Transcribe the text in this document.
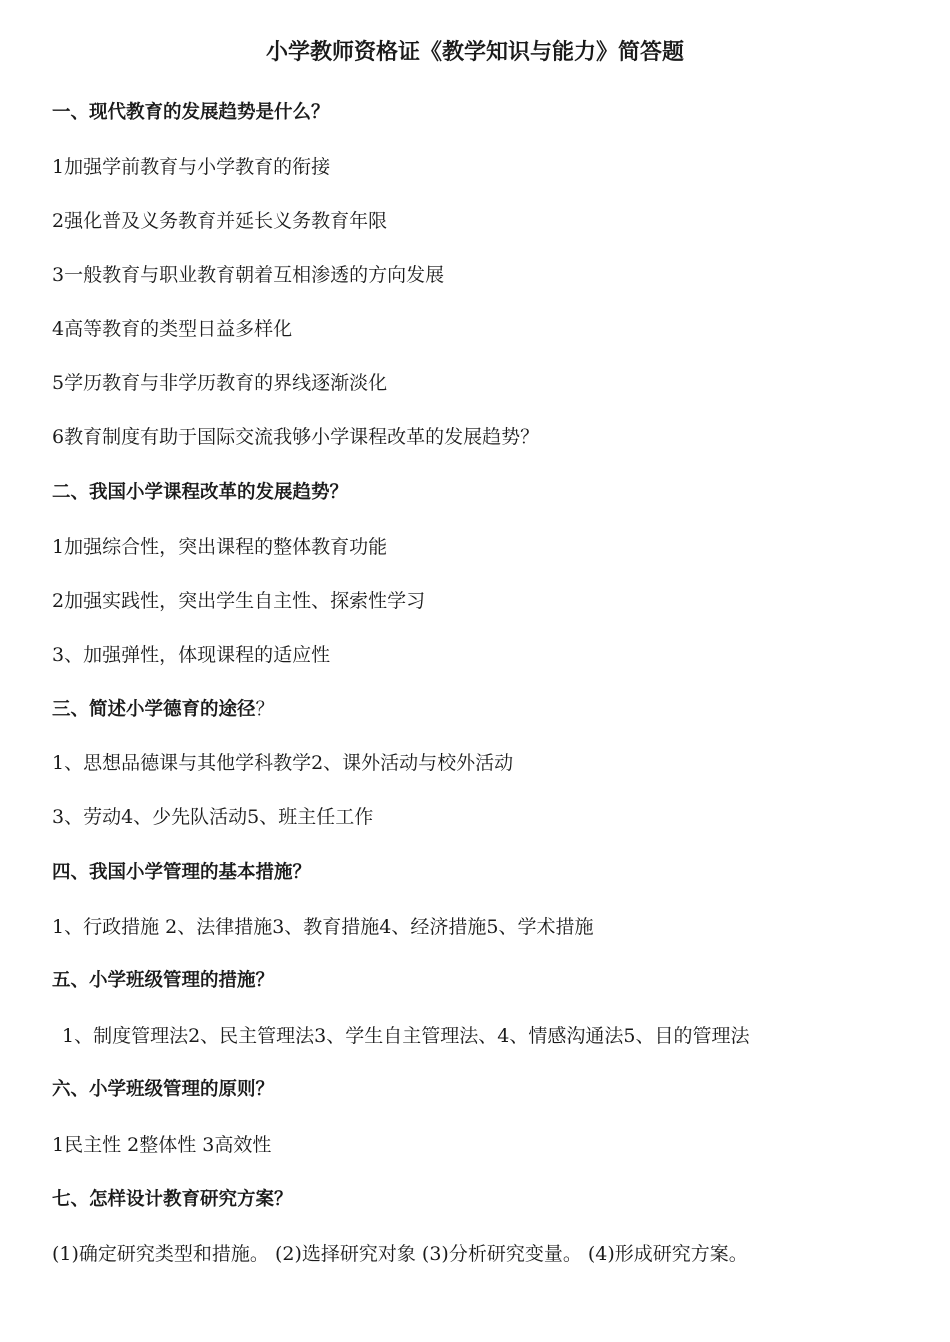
小学教师资格证《教学知识与能力》简答题
一、现代教育的发展趋势是什么？
1加强学前教育与小学教育的衔接
2强化普及义务教育并延长义务教育年限
3一般教育与职业教育朝着互相渗透的方向发展
4高等教育的类型日益多样化
5学历教育与非学历教育的界线逐渐淡化
6教育制度有助于国际交流我够小学课程改革的发展趋势？
二、我国小学课程改革的发展趋势？
1加强综合性，突出课程的整体教育功能
2加强实践性，突出学生自主性、探索性学习
3、加强弹性，体现课程的适应性
三、简述小学德育的途径？
1、思想品德课与其他学科教学2、课外活动与校外活动
3、劳动4、少先队活动5、班主任工作
四、我国小学管理的基本措施？
1、行政措施 2、法律措施3、教育措施4、经济措施5、学术措施
五、小学班级管理的措施？
1、制度管理法2、民主管理法3、学生自主管理法、4、情感沟通法5、目的管理法
六、小学班级管理的原则？
1民主性 2整体性 3高效性
七、怎样设计教育研究方案？
(1)确定研究类型和措施。 (2)选择研究对象 (3)分析研究变量。 (4)形成研究方案。
